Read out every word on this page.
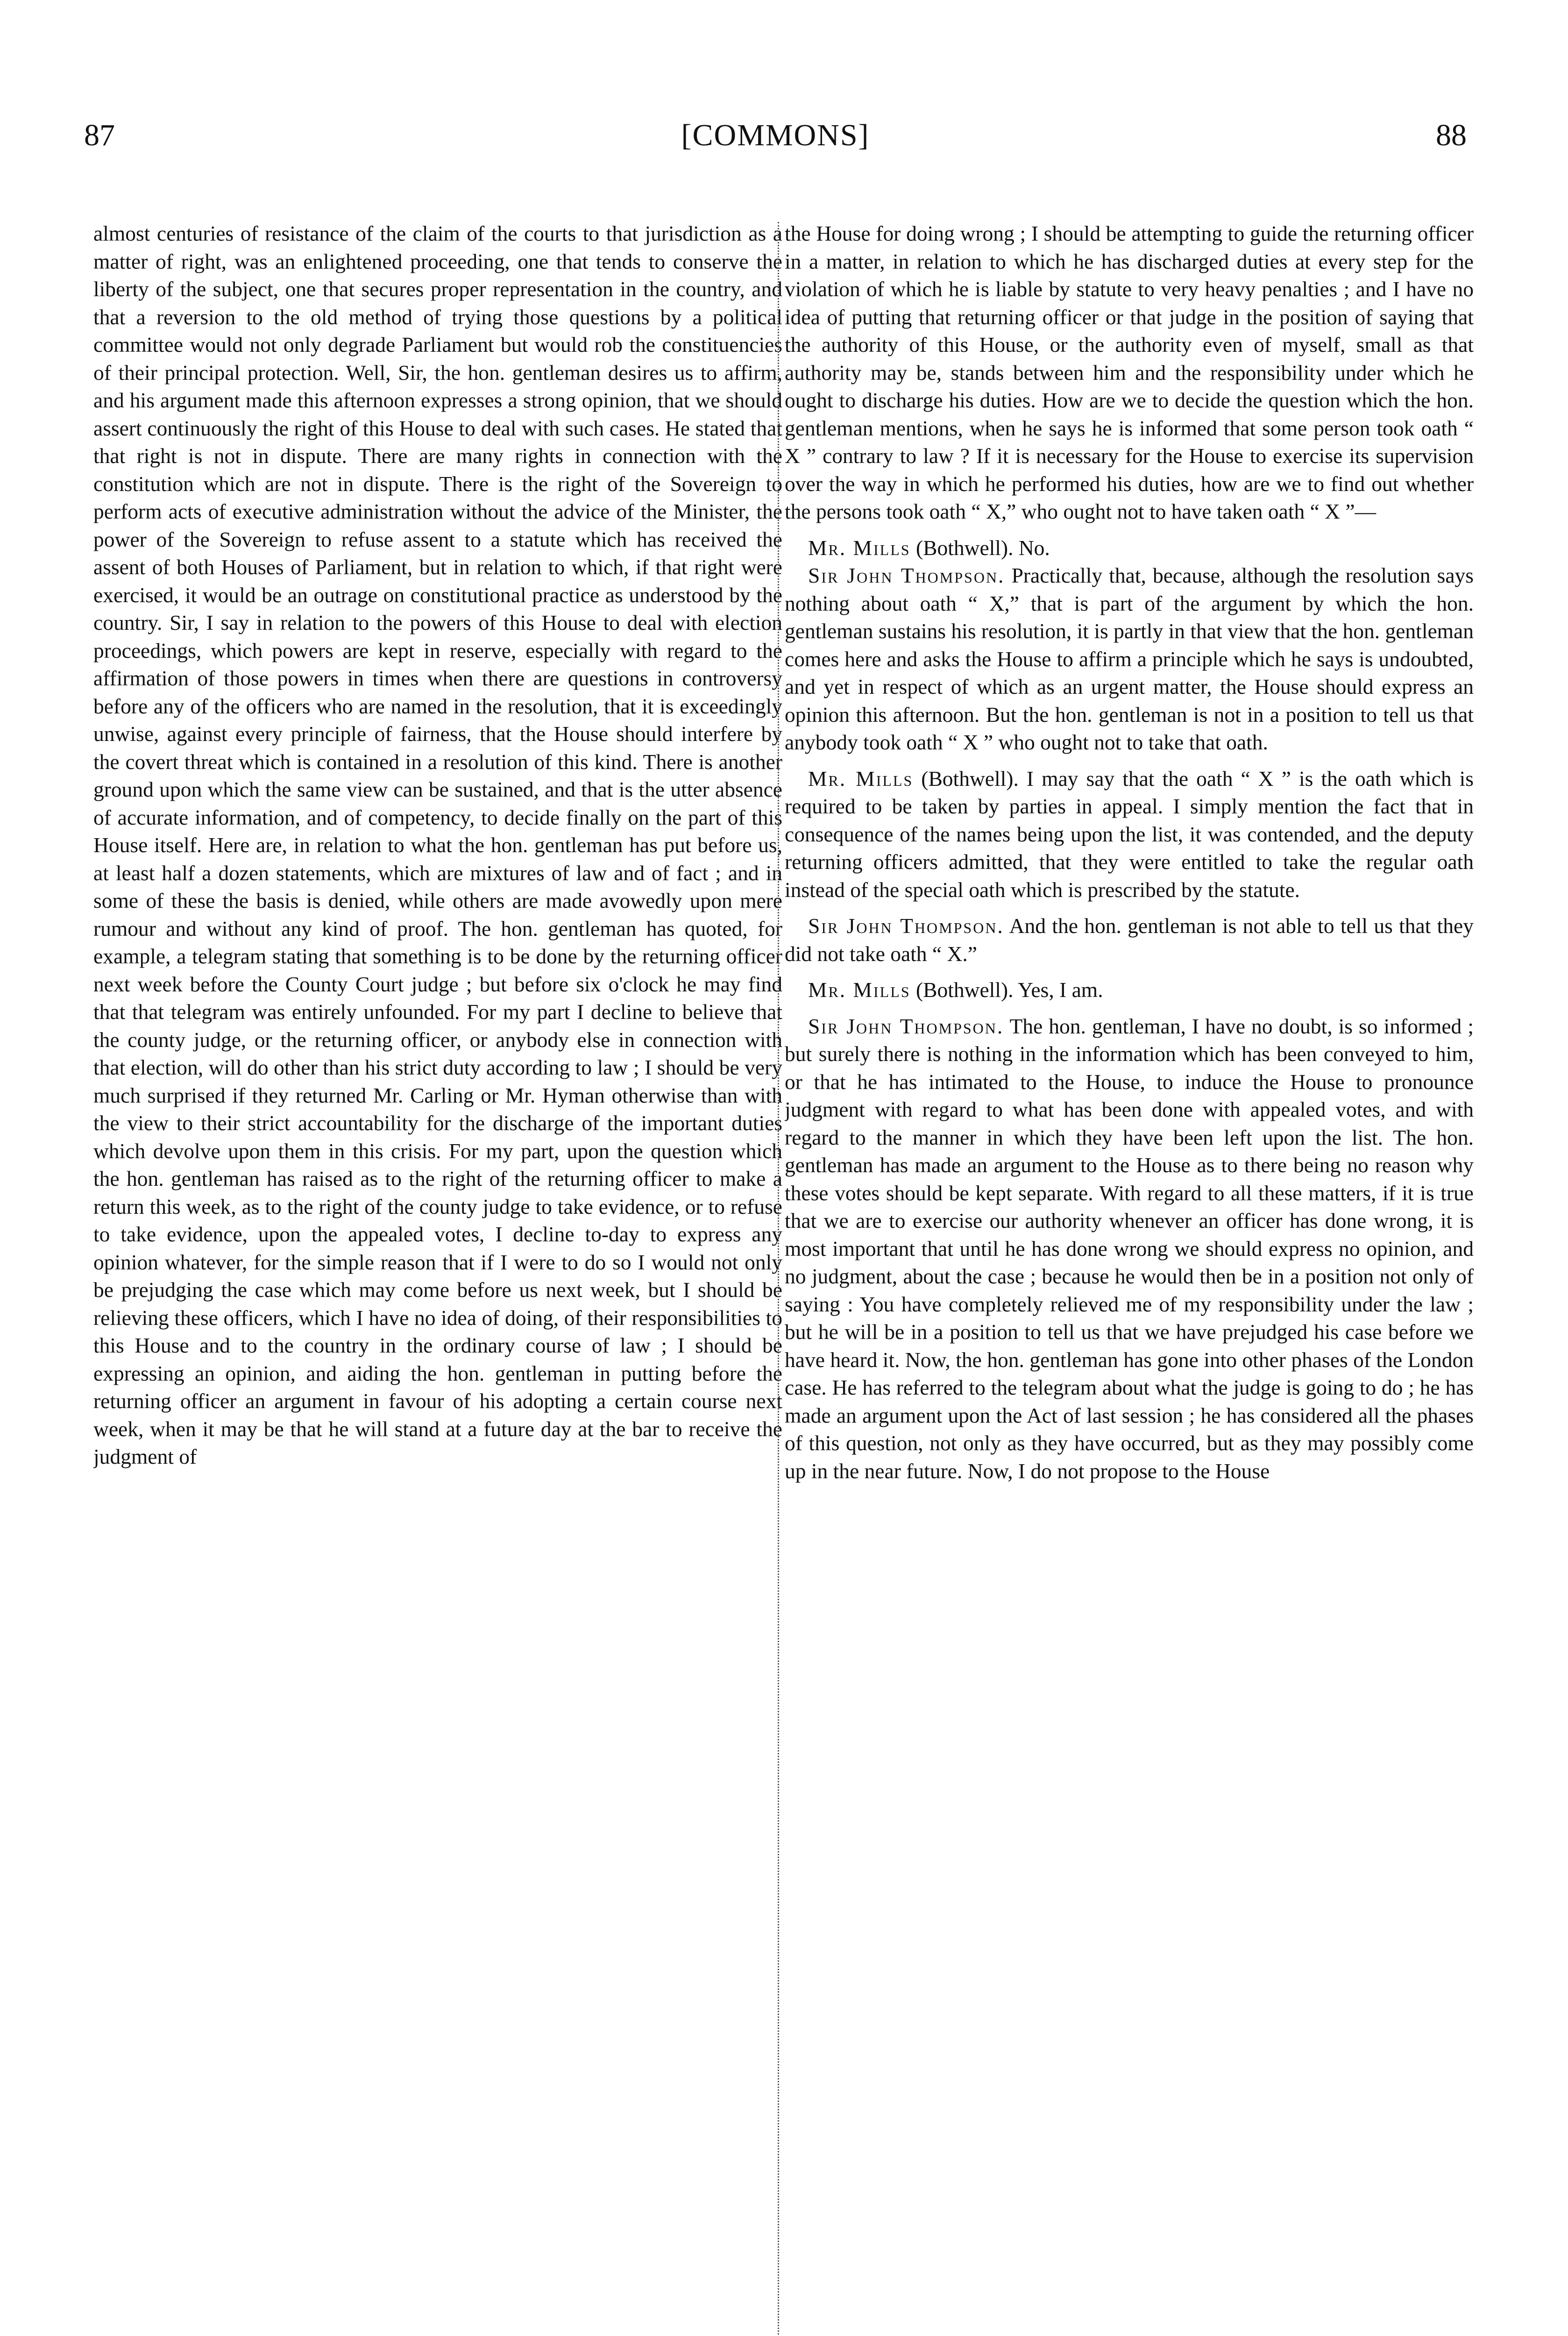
87	[COMMONS]	88

almost centuries of resistance of the claim of the courts to that jurisdiction as a matter of right, was an enlightened proceeding, one that tends to conserve the liberty of the subject, one that secures proper representation in the country, and that a reversion to the old method of trying those questions by a political committee would not only degrade Parliament but would rob the constituencies of their principal protection. Well, Sir, the hon. gentleman desires us to affirm, and his argument made this afternoon expresses a strong opinion, that we should assert continuously the right of this House to deal with such cases. He stated that that right is not in dispute. There are many rights in connection with the constitution which are not in dispute. There is the right of the Sovereign to perform acts of executive administration without the advice of the Minister, the power of the Sovereign to refuse assent to a statute which has received the assent of both Houses of Parliament, but in relation to which, if that right were exercised, it would be an outrage on constitutional practice as understood by the country. Sir, I say in relation to the powers of this House to deal with election proceedings, which powers are kept in reserve, especially with regard to the affirmation of those powers in times when there are questions in controversy before any of the officers who are named in the resolution, that it is exceedingly unwise, against every principle of fairness, that the House should interfere by the covert threat which is contained in a resolution of this kind. There is another ground upon which the same view can be sustained, and that is the utter absence of accurate information, and of competency, to decide finally on the part of this House itself. Here are, in relation to what the hon. gentleman has put before us, at least half a dozen statements, which are mixtures of law and of fact ; and in some of these the basis is denied, while others are made avowedly upon mere rumour and without any kind of proof. The hon. gentleman has quoted, for example, a telegram stating that something is to be done by the returning officer next week before the County Court judge ; but before six o'clock he may find that that telegram was entirely unfounded. For my part I decline to believe that the county judge, or the returning officer, or anybody else in connection with that election, will do other than his strict duty according to law ; I should be very much surprised if they returned Mr. Carling or Mr. Hyman otherwise than with the view to their strict accountability for the discharge of the important duties which devolve upon them in this crisis. For my part, upon the question which the hon. gentleman has raised as to the right of the returning officer to make a return this week, as to the right of the county judge to take evidence, or to refuse to take evidence, upon the appealed votes, I decline to-day to express any opinion whatever, for the simple reason that if I were to do so I would not only be prejudging the case which may come before us next week, but I should be relieving these officers, which I have no idea of doing, of their responsibilities to this House and to the country in the ordinary course of law ; I should be expressing an opinion, and aiding the hon. gentleman in putting before the returning officer an argument in favour of his adopting a certain course next week, when it may be that he will stand at a future day at the bar to receive the judgment of

the House for doing wrong ; I should be attempting to guide the returning officer in a matter, in relation to which he has discharged duties at every step for the violation of which he is liable by statute to very heavy penalties ; and I have no idea of putting that returning officer or that judge in the position of saying that the authority of this House, or the authority even of myself, small as that authority may be, stands between him and the responsibility under which he ought to discharge his duties. How are we to decide the question which the hon. gentleman mentions, when he says he is informed that some person took oath “ X ” contrary to law ? If it is necessary for the House to exercise its supervision over the way in which he performed his duties, how are we to find out whether the persons took oath “ X,” who ought not to have taken oath “ X ”—

Mr. Mills (Bothwell). No.

Sir John Thompson. Practically that, because, although the resolution says nothing about oath “ X,” that is part of the argument by which the hon. gentleman sustains his resolution, it is partly in that view that the hon. gentleman comes here and asks the House to affirm a principle which he says is undoubted, and yet in respect of which as an urgent matter, the House should express an opinion this afternoon. But the hon. gentleman is not in a position to tell us that anybody took oath “ X ” who ought not to take that oath.

Mr. Mills (Bothwell). I may say that the oath “ X ” is the oath which is required to be taken by parties in appeal. I simply mention the fact that in consequence of the names being upon the list, it was contended, and the deputy returning officers admitted, that they were entitled to take the regular oath instead of the special oath which is prescribed by the statute.

Sir John Thompson. And the hon. gentleman is not able to tell us that they did not take oath “ X.”

Mr. Mills (Bothwell). Yes, I am.

Sir John Thompson. The hon. gentleman, I have no doubt, is so informed ; but surely there is nothing in the information which has been conveyed to him, or that he has intimated to the House, to induce the House to pronounce judgment with regard to what has been done with appealed votes, and with regard to the manner in which they have been left upon the list. The hon. gentleman has made an argument to the House as to there being no reason why these votes should be kept separate. With regard to all these matters, if it is true that we are to exercise our authority whenever an officer has done wrong, it is most important that until he has done wrong we should express no opinion, and no judgment, about the case ; because he would then be in a position not only of saying : You have completely relieved me of my responsibility under the law ; but he will be in a position to tell us that we have prejudged his case before we have heard it. Now, the hon. gentleman has gone into other phases of the London case. He has referred to the telegram about what the judge is going to do ; he has made an argument upon the Act of last session ; he has considered all the phases of this question, not only as they have occurred, but as they may possibly come up in the near future. Now, I do not propose to the House
